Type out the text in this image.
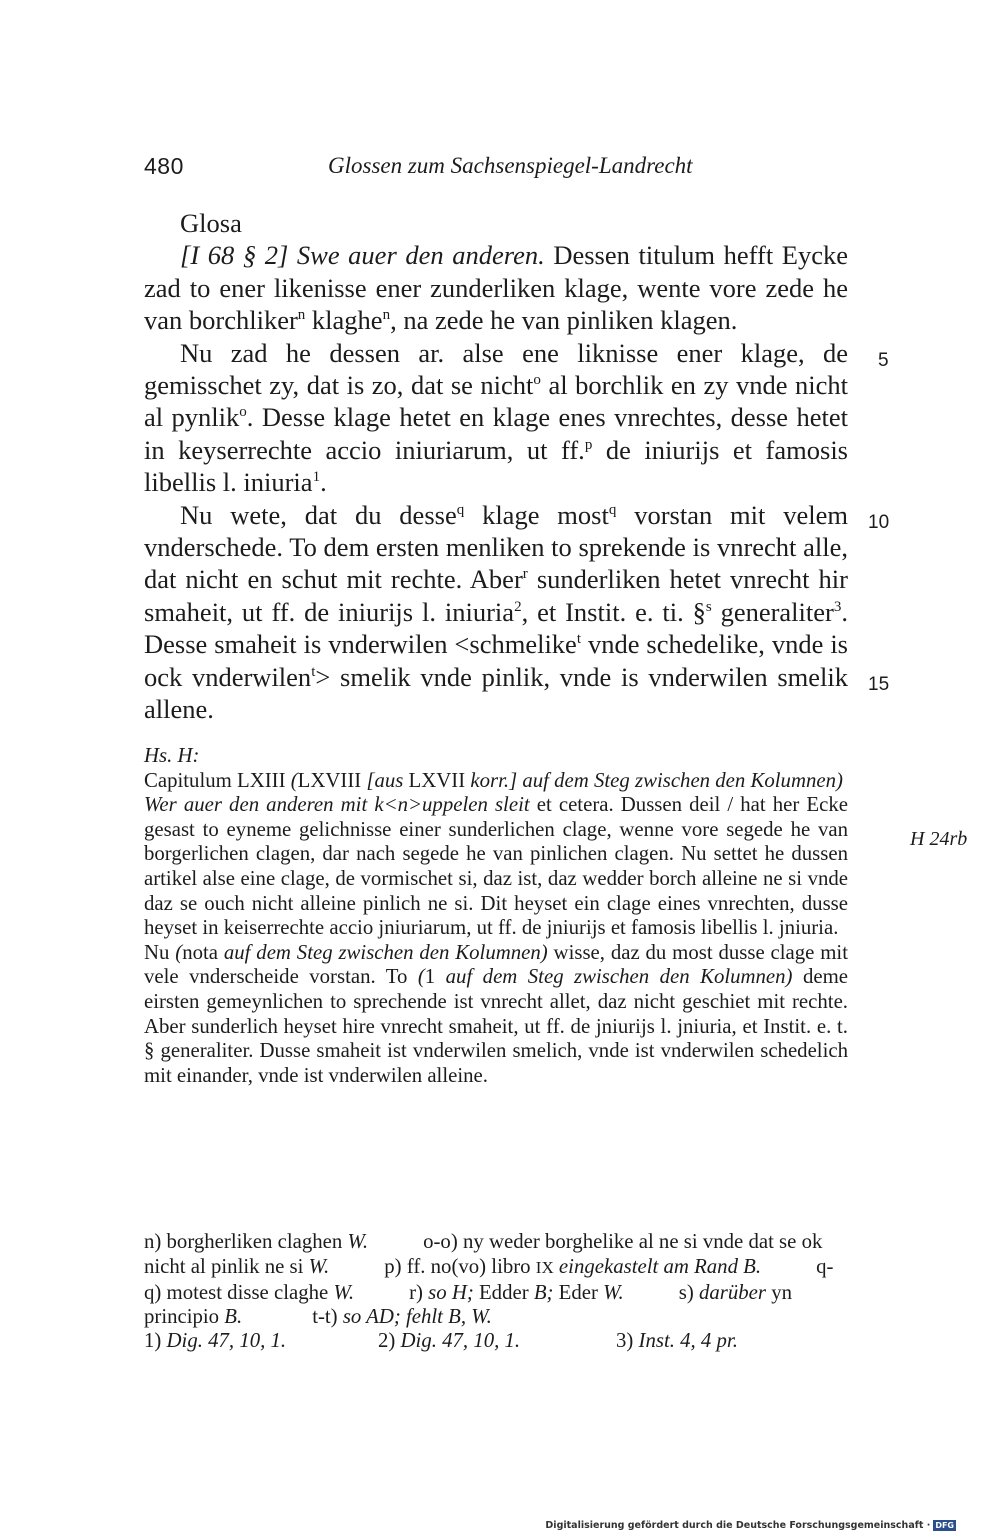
480	Glossen zum Sachsenspiegel-Landrecht

Glosa

[I 68 § 2] Swe auer den anderen. Dessen titulum hefft Eycke zad to ener likenisse ener zunderliken klage, wente vore zede he van borchliker$^n$ klaghe$^n$, na zede he van pinliken klagen.

Nu zad he dessen ar. alse ene liknisse ener klage, de gemisschet zy, dat is zo, dat se nicht$^o$ al borchlik en zy vnde nicht al pynlik$^o$. Desse klage hetet en klage enes vnrechtes, desse hetet in keyserrechte accio iniuriarum, ut ff.$^p$ de iniurijs et famosis libellis l. iniuria$^1$.

Nu wete, dat du desse$^q$ klage most$^q$ vorstan mit velem vnderschede. To dem ersten menliken to sprekende is vnrecht alle, dat nicht en schut mit rechte. Aber$^r$ sunderliken hetet vnrecht hir smaheit, ut ff. de iniurijs l. iniuria$^2$, et Instit. e. ti. §$^s$ generaliter$^3$. Desse smaheit is vnderwilen <schmelike$^t$ vnde schedelike, vnde is ock vnderwilen$^t$> smelik vnde pinlik, vnde is vnderwilen smelik allene.

5
10
15

Hs. H:

Capitulum LXIII (LXVIII [aus LXVII korr.] auf dem Steg zwischen den Kolumnen)

Wer auer den anderen mit k<n>uppelen sleit et cetera. Dussen deil / hat her Ecke gesast to eyneme gelichnisse einer sunderlichen clage, wenne vore segede he van borgerlichen clagen, dar nach segede he van pinlichen clagen. Nu settet he dussen artikel alse eine clage, de vormischet si, daz ist, daz wedder borch alleine ne si vnde daz se ouch nicht alleine pinlich ne si. Dit heyset ein clage eines vnrechten, dusse heyset in keiserrechte accio jniuriarum, ut ff. de jniurijs et famosis libellis l. jniuria.

Nu (nota auf dem Steg zwischen den Kolumnen) wisse, daz du most dusse clage mit vele vnderscheide vorstan. To (1 auf dem Steg zwischen den Kolumnen) deme eirsten gemeynlichen to sprechende ist vnrecht allet, daz nicht geschiet mit rechte. Aber sunderlich heyset hire vnrecht smaheit, ut ff. de jniurijs l. jniuria, et Instit. e. t. § generaliter. Dusse smaheit ist vnderwilen smelich, vnde ist vnderwilen schedelich mit einander, vnde ist vnderwilen alleine.

H 24rb

n) borgherliken claghen W.	o-o) ny weder borghelike al ne si vnde dat se ok nicht al pinlik ne si W.	p) ff. no(vo) libro IX eingekastelt am Rand B.	q-q) motest disse claghe W.	r) so H; Edder B; Eder W.	s) darüber yn principio B.	t-t) so AD; fehlt B, W.

1) Dig. 47, 10, 1.	2) Dig. 47, 10, 1.	3) Inst. 4, 4 pr.
Digitalisierung gefördert durch die Deutsche Forschungsgemeinschaft · DFG
